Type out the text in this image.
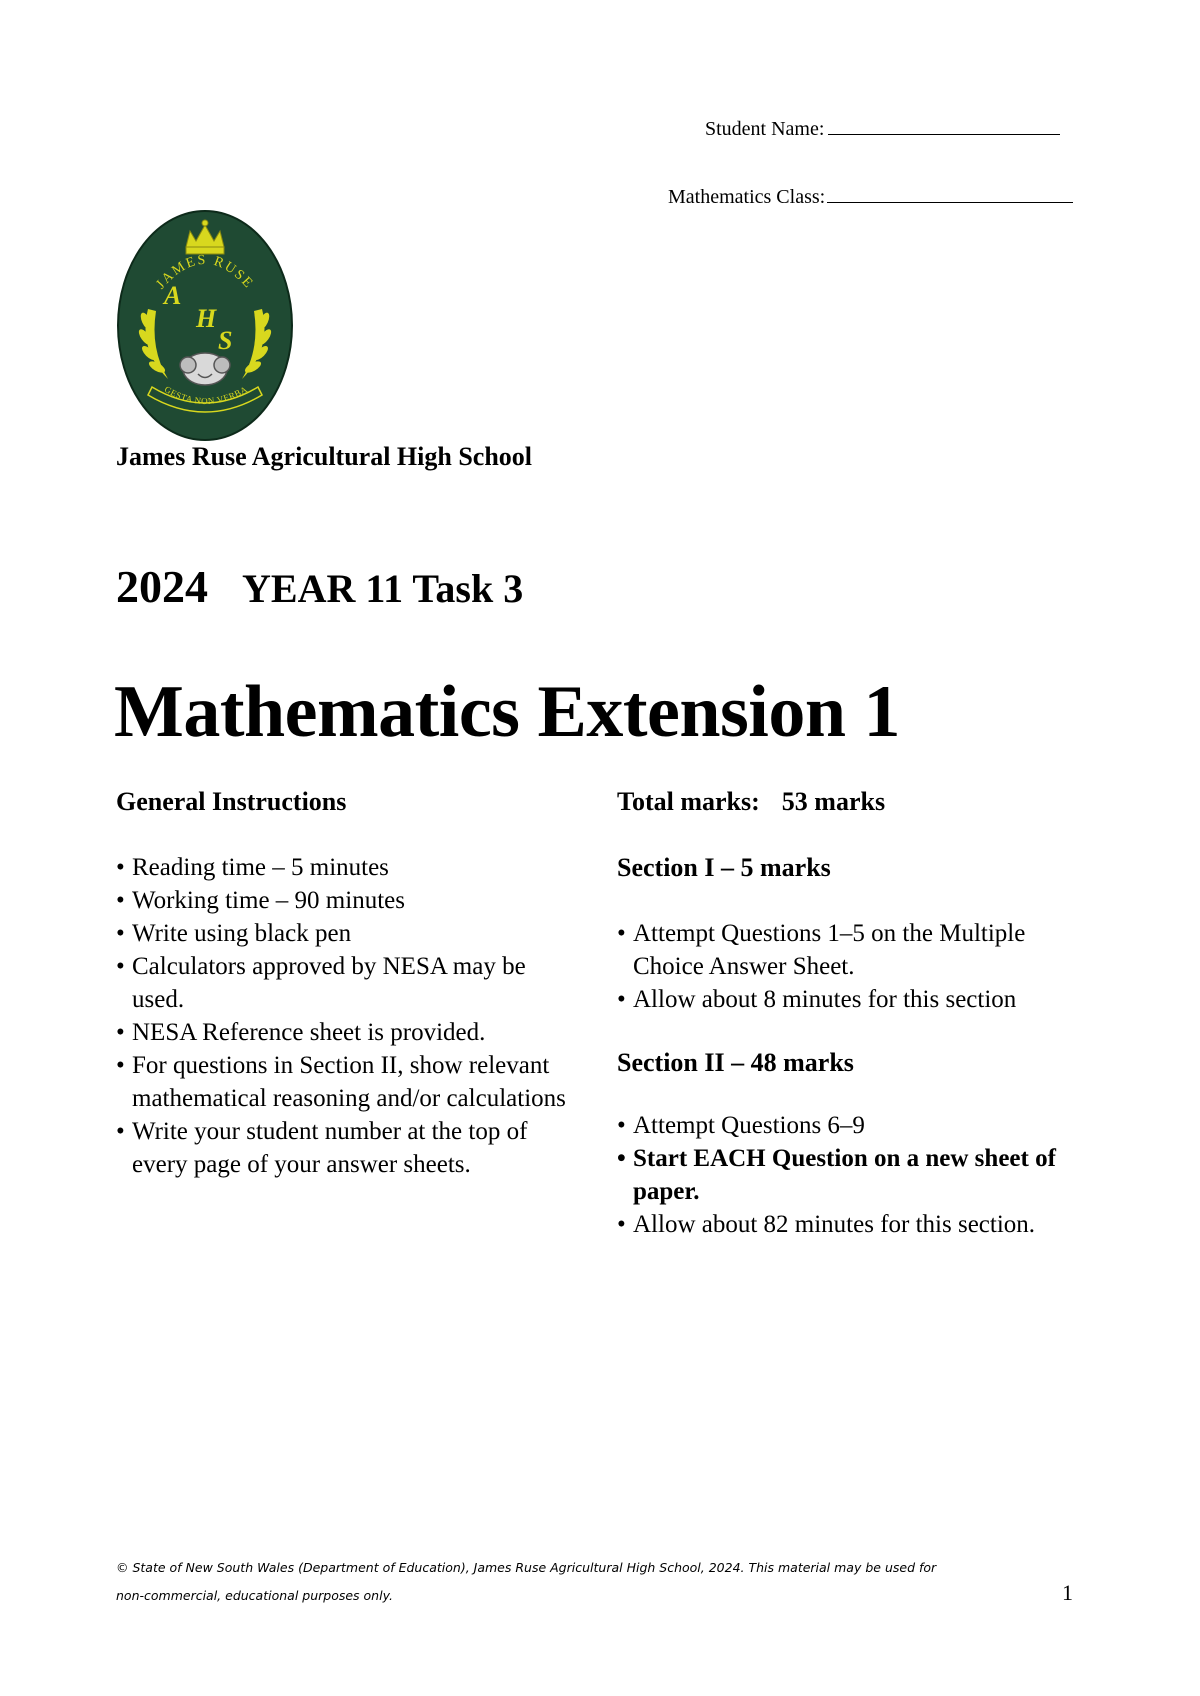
Student Name:
Mathematics Class:
JAMES RUSE
A
H
S
GESTA NON VERBA
James Ruse Agricultural High School
2024 YEAR 11 Task 3
Mathematics Extension 1
General Instructions
• Reading time – 5 minutes
• Working time – 90 minutes
• Write using black pen
• Calculators approved by NESA may be used.
• NESA Reference sheet is provided.
• For questions in Section II, show relevant mathematical reasoning and/or calculations
• Write your student number at the top of every page of your answer sheets.
Total marks: 53 marks
Section I – 5 marks
• Attempt Questions 1–5 on the Multiple Choice Answer Sheet.
• Allow about 8 minutes for this section
Section II – 48 marks
• Attempt Questions 6–9
• Start EACH Question on a new sheet of paper.
• Allow about 82 minutes for this section.
© State of New South Wales (Department of Education), James Ruse Agricultural High School, 2024. This material may be used for
non-commercial, educational purposes only.	1
